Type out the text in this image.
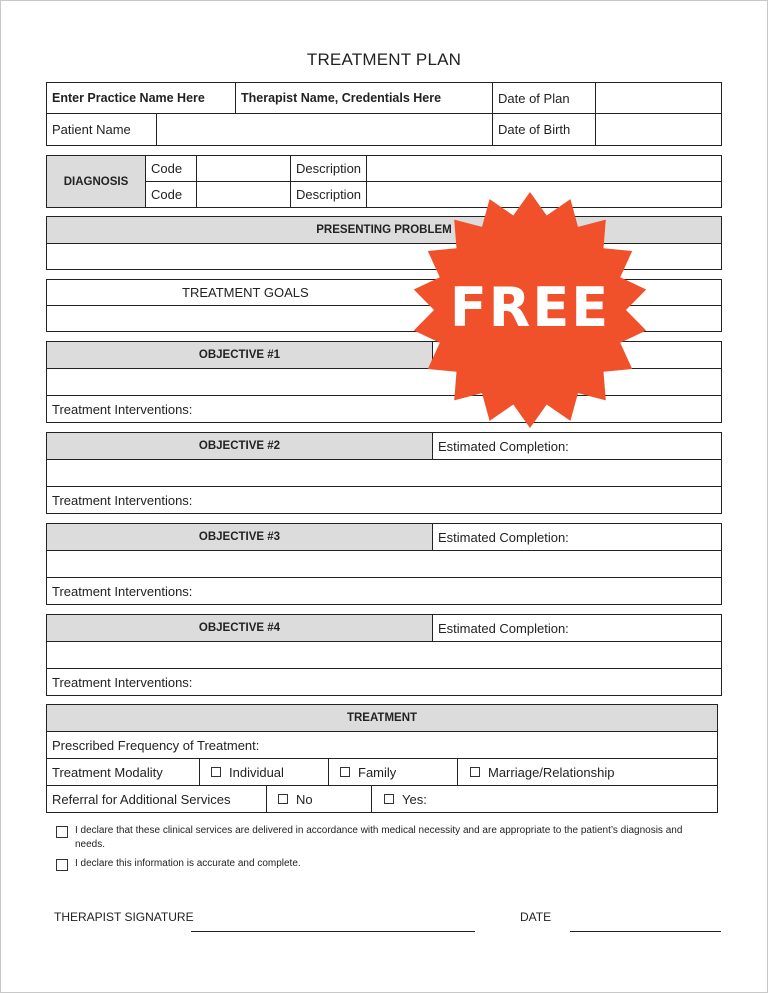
TREATMENT PLAN
Enter Practice Name Here	Therapist Name, Credentials Here	Date of Plan
Patient Name	Date of Birth
DIAGNOSIS
Code	Description
Code	Description
PRESENTING PROBLEM
TREATMENT GOALS
OBJECTIVE #1
Treatment Interventions:
OBJECTIVE #2	Estimated Completion:
Treatment Interventions:
OBJECTIVE #3	Estimated Completion:
Treatment Interventions:
OBJECTIVE #4	Estimated Completion:
Treatment Interventions:
TREATMENT
Prescribed Frequency of Treatment:
Treatment Modality	Individual	Family	Marriage/Relationship
Referral for Additional Services	No	Yes:
I declare that these clinical services are delivered in accordance with medical necessity and are appropriate to the patient’s diagnosis and needs.
I declare this information is accurate and complete.
THERAPIST SIGNATURE	DATE
FREE
